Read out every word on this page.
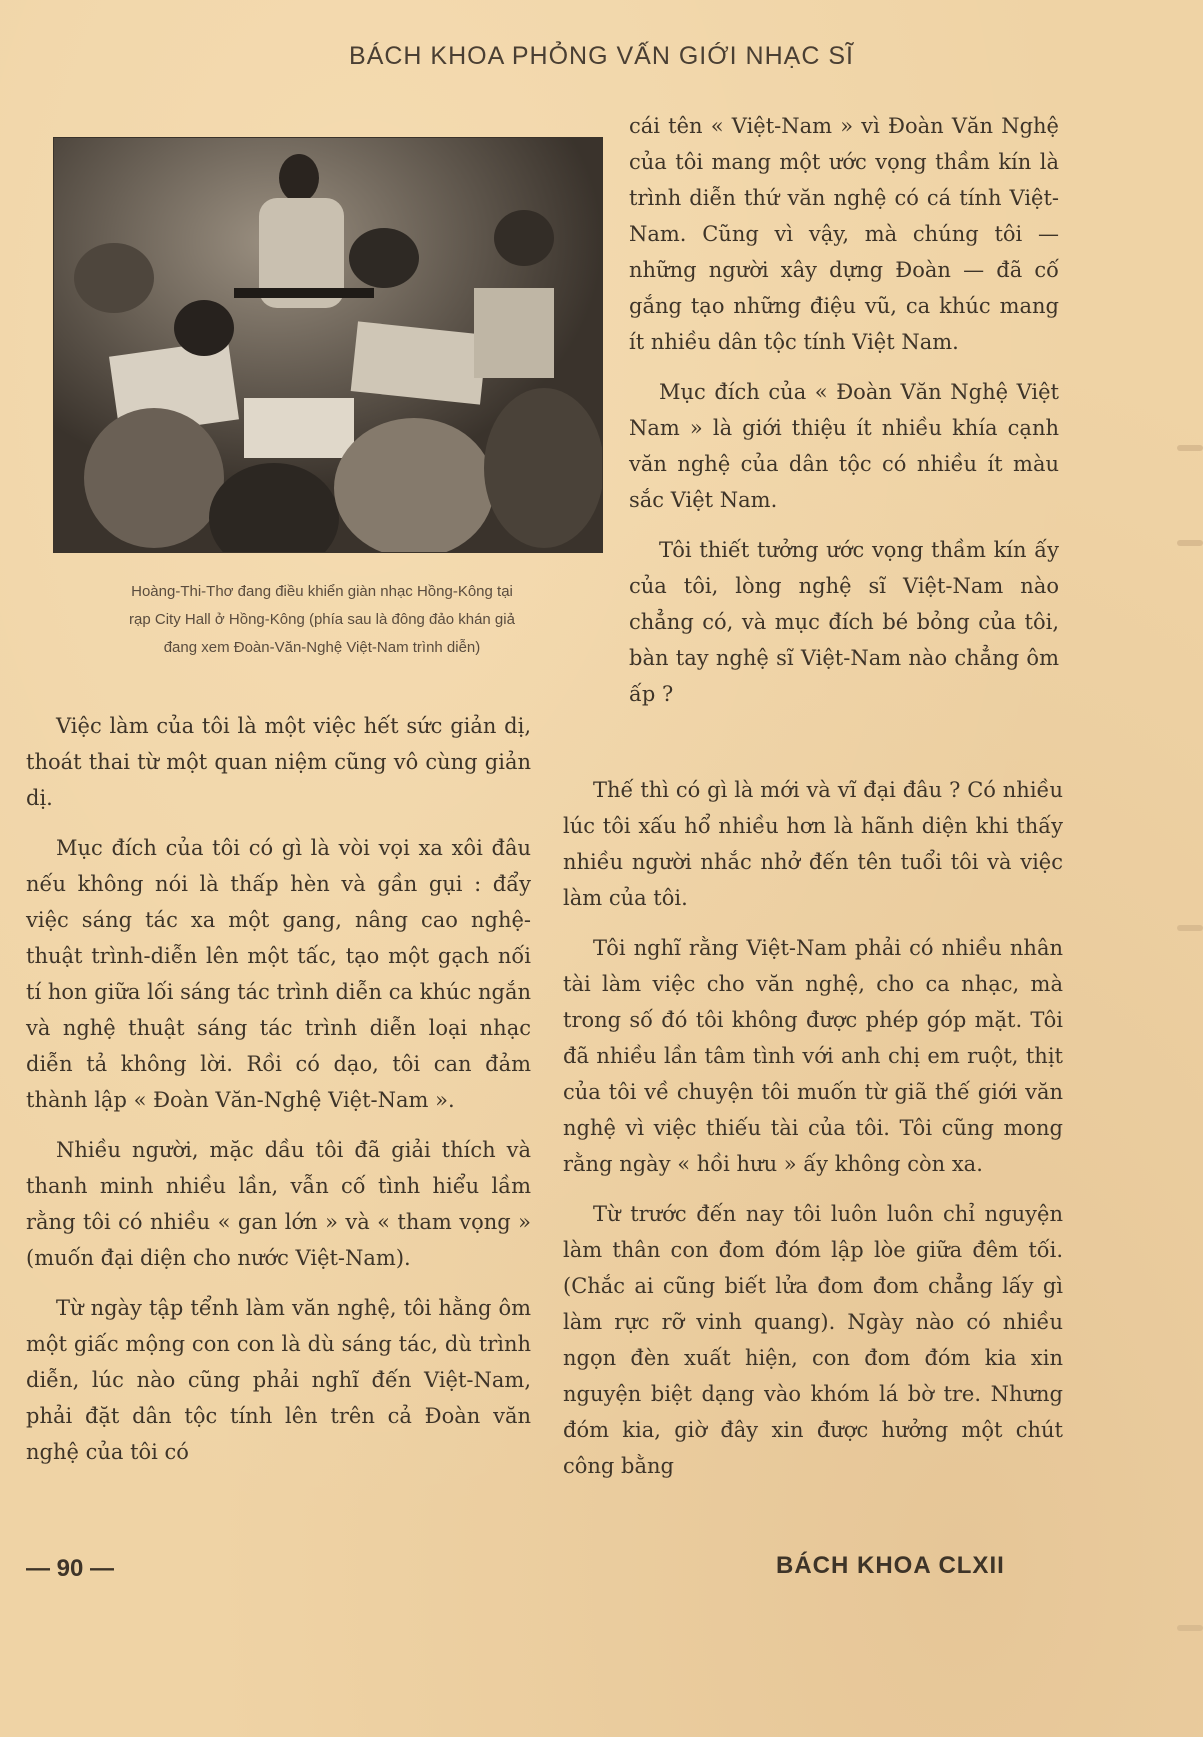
BÁCH KHOA PHỎNG VẤN GIỚI NHẠC SĨ
Hoàng-Thi-Thơ đang điều khiển giàn nhạc Hồng-Kông tại
rạp City Hall ở Hồng-Kông (phía sau là đông đảo khán giả
đang xem Đoàn-Văn-Nghệ Việt-Nam trình diễn)

cái tên « Việt-Nam » vì Đoàn Văn Nghệ của tôi mang một ước vọng thầm kín là trình diễn thứ văn nghệ có cá tính Việt-Nam. Cũng vì vậy, mà chúng tôi — những người xây dựng Đoàn — đã cố gắng tạo những điệu vũ, ca khúc mang ít nhiều dân tộc tính Việt Nam.

Mục đích của « Đoàn Văn Nghệ Việt Nam » là giới thiệu ít nhiều khía cạnh văn nghệ của dân tộc có nhiều ít màu sắc Việt Nam.

Tôi thiết tưởng ước vọng thầm kín ấy của tôi, lòng nghệ sĩ Việt-Nam nào chẳng có, và mục đích bé bỏng của tôi, bàn tay nghệ sĩ Việt-Nam nào chẳng ôm ấp ?

Việc làm của tôi là một việc hết sức giản dị, thoát thai từ một quan niệm cũng vô cùng giản dị.

Mục đích của tôi có gì là vòi vọi xa xôi đâu nếu không nói là thấp hèn và gần gụi : đẩy việc sáng tác xa một gang, nâng cao nghệ-thuật trình-diễn lên một tấc, tạo một gạch nối tí hon giữa lối sáng tác trình diễn ca khúc ngắn và nghệ thuật sáng tác trình diễn loại nhạc diễn tả không lời. Rồi có dạo, tôi can đảm thành lập « Đoàn Văn-Nghệ Việt-Nam ».

Nhiều người, mặc dầu tôi đã giải thích và thanh minh nhiều lần, vẫn cố tình hiểu lầm rằng tôi có nhiều « gan lớn » và « tham vọng » (muốn đại diện cho nước Việt-Nam).

Từ ngày tập tểnh làm văn nghệ, tôi hằng ôm một giấc mộng con con là dù sáng tác, dù trình diễn, lúc nào cũng phải nghĩ đến Việt-Nam, phải đặt dân tộc tính lên trên cả Đoàn văn nghệ của tôi có

Thế thì có gì là mới và vĩ đại đâu ? Có nhiều lúc tôi xấu hổ nhiều hơn là hãnh diện khi thấy nhiều người nhắc nhở đến tên tuổi tôi và việc làm của tôi.

Tôi nghĩ rằng Việt-Nam phải có nhiều nhân tài làm việc cho văn nghệ, cho ca nhạc, mà trong số đó tôi không được phép góp mặt. Tôi đã nhiều lần tâm tình với anh chị em ruột, thịt của tôi về chuyện tôi muốn từ giã thế giới văn nghệ vì việc thiếu tài của tôi. Tôi cũng mong rằng ngày « hồi hưu » ấy không còn xa.

Từ trước đến nay tôi luôn luôn chỉ nguyện làm thân con đom đóm lập lòe giữa đêm tối. (Chắc ai cũng biết lửa đom đom chẳng lấy gì làm rực rỡ vinh quang). Ngày nào có nhiều ngọn đèn xuất hiện, con đom đóm kia xin nguyện biệt dạng vào khóm lá bờ tre. Nhưng đóm kia, giờ đây xin được hưởng một chút công bằng

— 90 —	BÁCH KHOA CLXII
